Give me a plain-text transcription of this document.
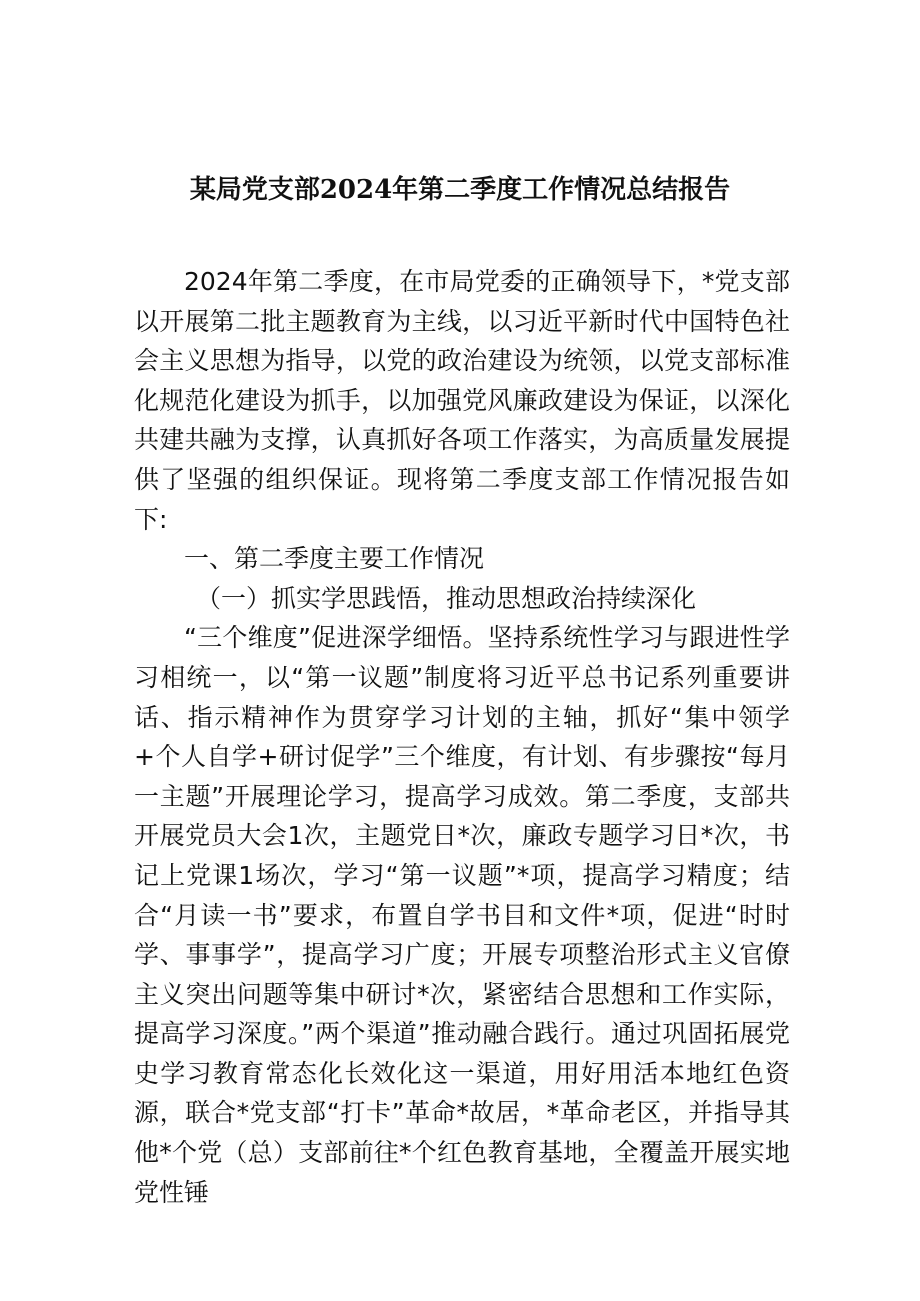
某局党支部2024年第二季度工作情况总结报告

2024年第二季度，在市局党委的正确领导下，*党支部以开展第二批主题教育为主线，以习近平新时代中国特色社会主义思想为指导，以党的政治建设为统领，以党支部标准化规范化建设为抓手，以加强党风廉政建设为保证，以深化共建共融为支撑，认真抓好各项工作落实，为高质量发展提供了坚强的组织保证。现将第二季度支部工作情况报告如下:

一、第二季度主要工作情况

（一）抓实学思践悟，推动思想政治持续深化

“三个维度”促进深学细悟。坚持系统性学习与跟进性学习相统一，以“第一议题”制度将习近平总书记系列重要讲话、指示精神作为贯穿学习计划的主轴，抓好“集中领学+个人自学+研讨促学”三个维度，有计划、有步骤按“每月一主题”开展理论学习，提高学习成效。第二季度，支部共开展党员大会1次，主题党日*次，廉政专题学习日*次，书记上党课1场次，学习“第一议题”*项，提高学习精度；结合“月读一书”要求，布置自学书目和文件*项，促进“时时学、事事学”，提高学习广度；开展专项整治形式主义官僚主义突出问题等集中研讨*次，紧密结合思想和工作实际，提高学习深度。”两个渠道”推动融合践行。通过巩固拓展党史学习教育常态化长效化这一渠道，用好用活本地红色资源，联合*党支部“打卡”革命*故居，*革命老区，并指导其他*个党（总）支部前往*个红色教育基地，全覆盖开展实地党性锤
